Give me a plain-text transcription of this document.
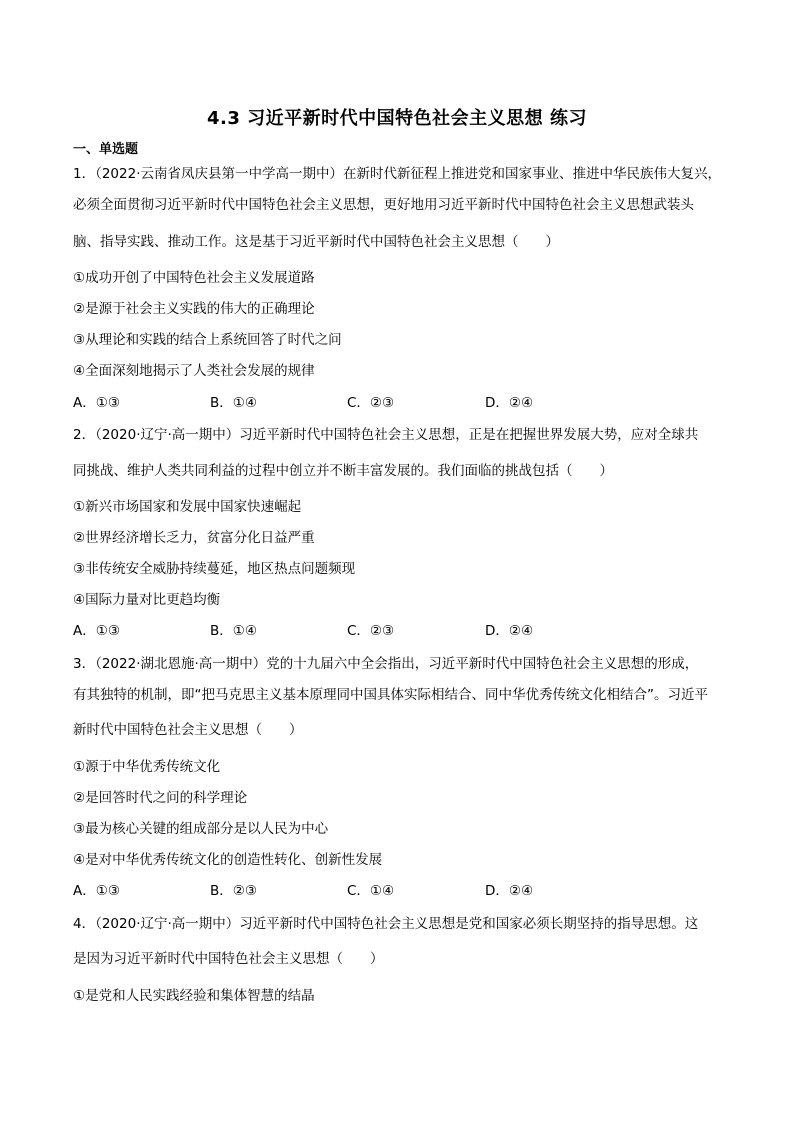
4.3 习近平新时代中国特色社会主义思想 练习
一、单选题
1．（2022·云南省凤庆县第一中学高一期中）在新时代新征程上推进党和国家事业、推进中华民族伟大复兴，
必须全面贯彻习近平新时代中国特色社会主义思想，更好地用习近平新时代中国特色社会主义思想武装头
脑、指导实践、推动工作。这是基于习近平新时代中国特色社会主义思想（　　）
①成功开创了中国特色社会主义发展道路
②是源于社会主义实践的伟大的正确理论
③从理论和实践的结合上系统回答了时代之问
④全面深刻地揭示了人类社会发展的规律
A．①③	B．①④	C．②③	D．②④
2．（2020·辽宁·高一期中）习近平新时代中国特色社会主义思想，正是在把握世界发展大势，应对全球共
同挑战、维护人类共同利益的过程中创立并不断丰富发展的。我们面临的挑战包括（　　）
①新兴市场国家和发展中国家快速崛起
②世界经济增长乏力，贫富分化日益严重
③非传统安全威胁持续蔓延，地区热点问题频现
④国际力量对比更趋均衡
A．①③	B．①④	C．②③	D．②④
3．（2022·湖北恩施·高一期中）党的十九届六中全会指出，习近平新时代中国特色社会主义思想的形成，
有其独特的机制，即“把马克思主义基本原理同中国具体实际相结合、同中华优秀传统文化相结合”。习近平
新时代中国特色社会主义思想（　　）
①源于中华优秀传统文化
②是回答时代之问的科学理论
③最为核心关键的组成部分是以人民为中心
④是对中华优秀传统文化的创造性转化、创新性发展
A．①③	B．②③	C．①④	D．②④
4．（2020·辽宁·高一期中）习近平新时代中国特色社会主义思想是党和国家必须长期坚持的指导思想。这
是因为习近平新时代中国特色社会主义思想（　　）
①是党和人民实践经验和集体智慧的结晶
